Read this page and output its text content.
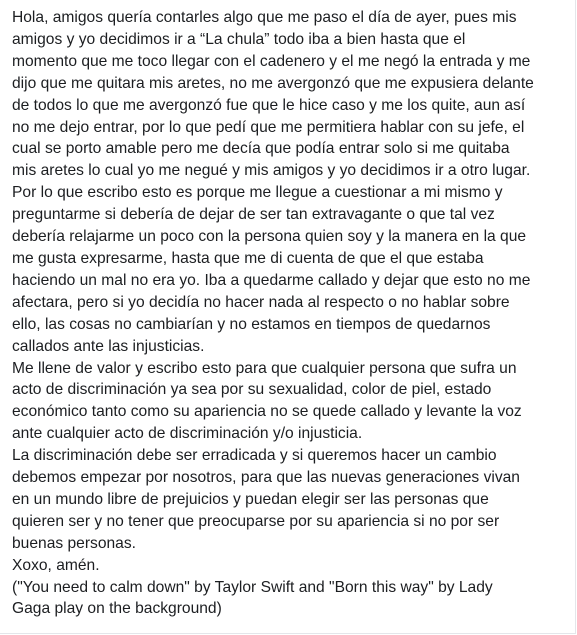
Hola, amigos quería contarles algo que me paso el día de ayer, pues mis
amigos y yo decidimos ir a “La chula” todo iba a bien hasta que el
momento que me toco llegar con el cadenero y el me negó la entrada y me
dijo que me quitara mis aretes, no me avergonzó que me expusiera delante
de todos lo que me avergonzó fue que le hice caso y me los quite, aun así
no me dejo entrar, por lo que pedí que me permitiera hablar con su jefe, el
cual se porto amable pero me decía que podía entrar solo si me quitaba
mis aretes lo cual yo me negué y mis amigos y yo decidimos ir a otro lugar.

Por lo que escribo esto es porque me llegue a cuestionar a mi mismo y
preguntarme si debería de dejar de ser tan extravagante o que tal vez
debería relajarme un poco con la persona quien soy y la manera en la que
me gusta expresarme, hasta que me di cuenta de que el que estaba
haciendo un mal no era yo. Iba a quedarme callado y dejar que esto no me
afectara, pero si yo decidía no hacer nada al respecto o no hablar sobre
ello, las cosas no cambiarían y no estamos en tiempos de quedarnos
callados ante las injusticias.

Me llene de valor y escribo esto para que cualquier persona que sufra un
acto de discriminación ya sea por su sexualidad, color de piel, estado
económico tanto como su apariencia no se quede callado y levante la voz
ante cualquier acto de discriminación y/o injusticia.

La discriminación debe ser erradicada y si queremos hacer un cambio
debemos empezar por nosotros, para que las nuevas generaciones vivan
en un mundo libre de prejuicios y puedan elegir ser las personas que
quieren ser y no tener que preocuparse por su apariencia si no por ser
buenas personas.

Xoxo, amén.

("You need to calm down" by Taylor Swift and "Born this way" by Lady
Gaga play on the background)
